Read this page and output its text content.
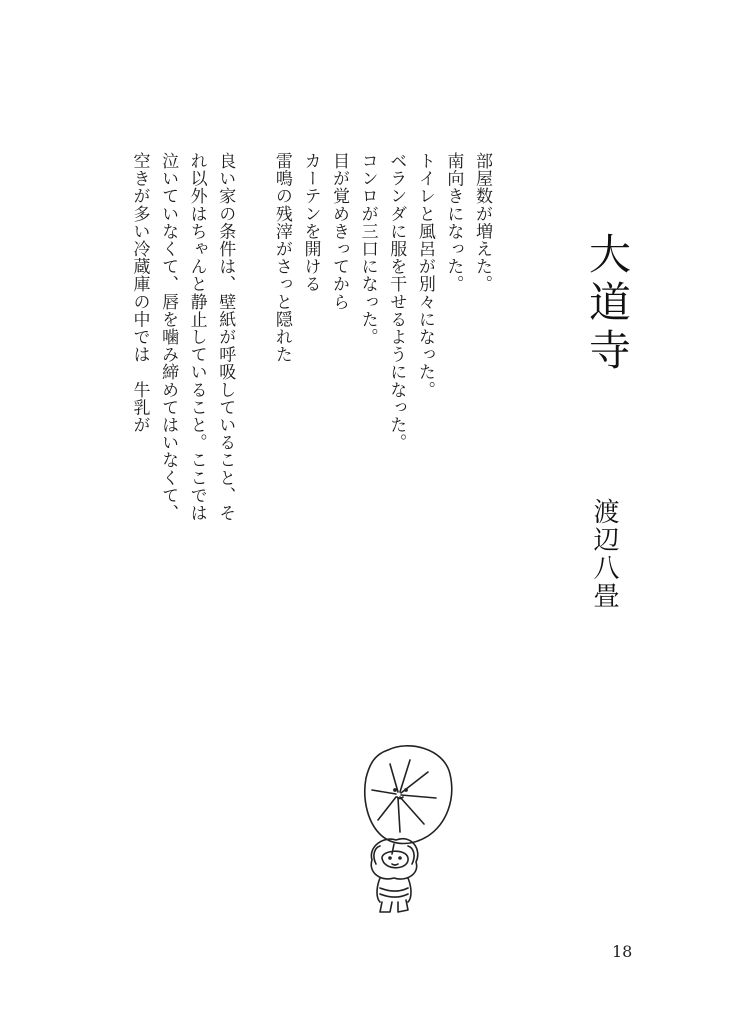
大道寺
渡辺八畳
部屋数が増えた。
南向きになった。
トイレと風呂が別々になった。
ベランダに服を干せるようになった。
コンロが三口になった。
目が覚めきってから
カーテンを開ける
雷鳴の残滓がさっと隠れた
良い家の条件は、壁紙が呼吸していること、そ
れ以外はちゃんと静止していること。ここでは
泣いていなくて、唇を噛み締めてはいなくて、
空きが多い冷蔵庫の中では　牛乳が
18
